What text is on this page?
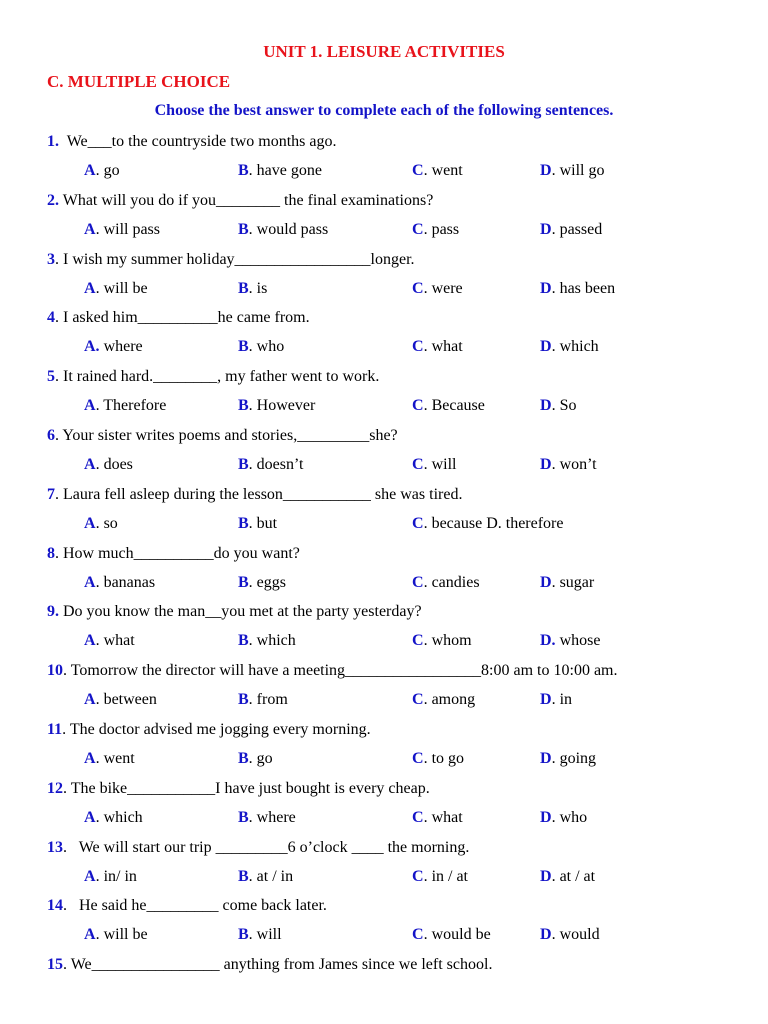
UNIT 1. LEISURE ACTIVITIES
C. MULTIPLE CHOICE
Choose the best answer to complete each of the following sentences.
1.  We___to the countryside two months ago.
A. go	B. have gone	C. went	D. will go
2. What will you do if you________ the final examinations?
A. will pass	B. would pass	C. pass	D. passed
3. I wish my summer holiday_________________longer.
A. will be	B. is	C. were	D. has been
4. I asked him__________he came from.
A. where	B. who	C. what	D. which
5. It rained hard.________, my father went to work.
A. Therefore	B. However	C. Because	D. So
6. Your sister writes poems and stories,_________she?
A. does	B. doesn’t	C. will	D. won’t
7. Laura fell asleep during the lesson___________ she was tired.
A. so	B. but	C. because D. therefore
8. How much__________do you want?
A. bananas	B. eggs	C. candies	D. sugar
9. Do you know the man__you met at the party yesterday?
A. what	B. which	C. whom	D. whose
10. Tomorrow the director will have a meeting_________________8:00 am to 10:00 am.
A. between	B. from	C. among	D. in
11. The doctor advised me jogging every morning.
A. went	B. go	C. to go	D. going
12. The bike___________I have just bought is every cheap.
A. which	B. where	C. what	D. who
13.   We will start our trip _________6 o’clock ____ the morning.
A. in/ in	B. at / in	C. in / at	D. at / at
14.   He said he_________ come back later.
A. will be	B. will	C. would be	D. would
15. We________________ anything from James since we left school.
